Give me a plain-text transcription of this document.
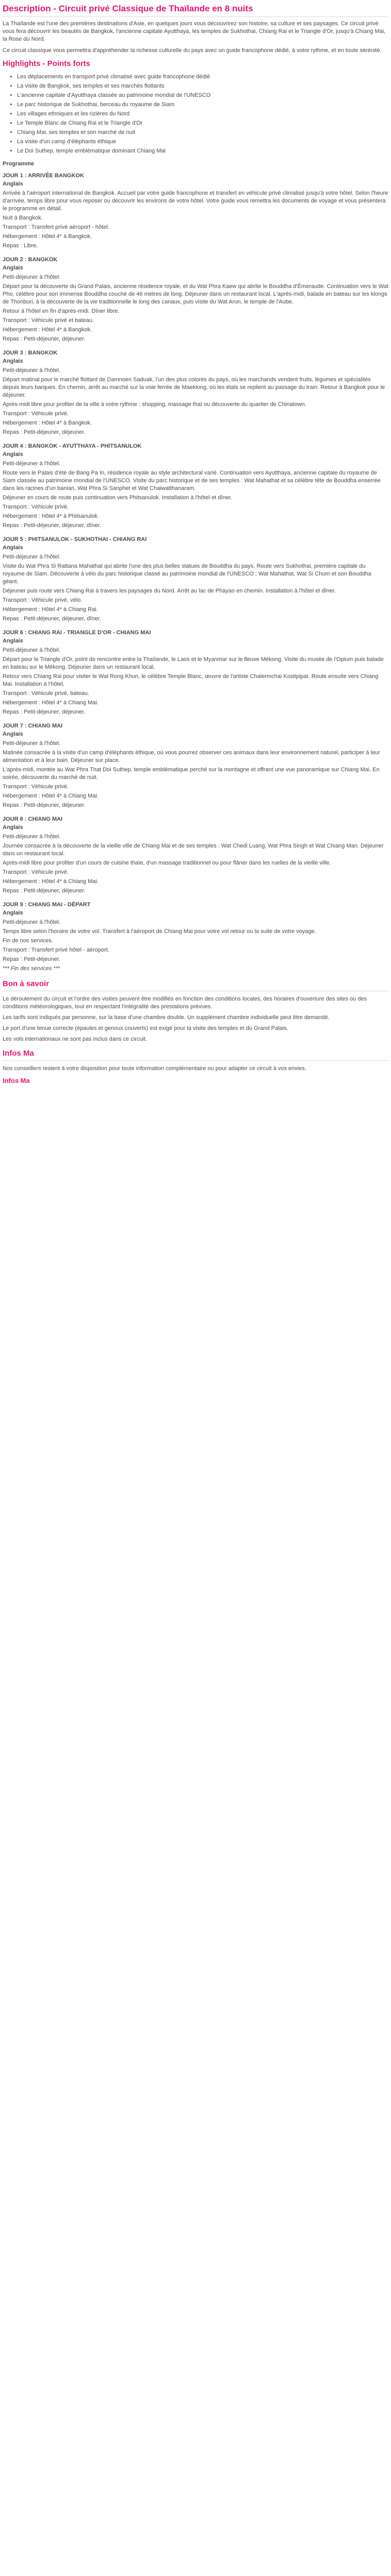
Description - Circuit privé Classique de Thaïlande en 8 nuits

La Thaïlande est l'une des premières destinations d'Asie, en quelques jours vous découvrirez son histoire, sa culture et ses paysages. Ce circuit privé vous fera découvrir les beautés de Bangkok, l'ancienne capitale Ayutthaya, les temples de Sukhothai, Chiang Rai et le Triangle d'Or, jusqu'à Chiang Mai, la Rose du Nord.

Ce circuit classique vous permettra d'appréhender la richesse culturelle du pays avec un guide francophone dédié, à votre rythme, et en toute sérénité.

Highlights - Points forts
• Les déplacements en transport privé climatisé avec guide francophone dédié
• La visite de Bangkok, ses temples et ses marchés flottants
• L'ancienne capitale d'Ayutthaya classée au patrimoine mondial de l'UNESCO
• Le parc historique de Sukhothai, berceau du royaume de Siam
• Les villages ethniques et les rizières du Nord
• Le Temple Blanc de Chiang Rai et le Triangle d'Or
• Chiang Mai, ses temples et son marché de nuit
• La visite d'un camp d'éléphants éthique
• Le Doi Suthep, temple emblématique dominant Chiang Mai
Programme
JOUR 1 : ARRIVÉE BANGKOK
Anglais
Arrivée à l'aéroport international de Bangkok. Accueil par votre guide francophone et transfert en véhicule privé climatisé jusqu'à votre hôtel. Selon l'heure d'arrivée, temps libre pour vous reposer ou découvrir les environs de votre hôtel. Votre guide vous remettra les documents de voyage et vous présentera le programme en détail.
Nuit à Bangkok.
Transport : Transfert privé aéroport - hôtel.
Hébergement : Hôtel 4* à Bangkok.
Repas : Libre.
JOUR 2 : BANGKOK
Anglais
Petit-déjeuner à l'hôtel.
Départ pour la découverte du Grand Palais, ancienne résidence royale, et du Wat Phra Kaew qui abrite le Bouddha d'Émeraude. Continuation vers le Wat Pho, célèbre pour son immense Bouddha couché de 46 mètres de long. Déjeuner dans un restaurant local. L'après-midi, balade en bateau sur les klongs de Thonburi, à la découverte de la vie traditionnelle le long des canaux, puis visite du Wat Arun, le temple de l'Aube.
Retour à l'hôtel en fin d'après-midi. Dîner libre.
Transport : Véhicule privé et bateau.
Hébergement : Hôtel 4* à Bangkok.
Repas : Petit-déjeuner, déjeuner.
JOUR 3 : BANGKOK
Anglais
Petit-déjeuner à l'hôtel.
Départ matinal pour le marché flottant de Damnoen Saduak, l'un des plus colorés du pays, où les marchands vendent fruits, légumes et spécialités depuis leurs barques. En chemin, arrêt au marché sur la voie ferrée de Maeklong, où les étals se replient au passage du train. Retour à Bangkok pour le déjeuner.
Après-midi libre pour profiter de la ville à votre rythme : shopping, massage thaï ou découverte du quartier de Chinatown.
Transport : Véhicule privé.
Hébergement : Hôtel 4* à Bangkok.
Repas : Petit-déjeuner, déjeuner.
JOUR 4 : BANGKOK - AYUTTHAYA - PHITSANULOK
Anglais
Petit-déjeuner à l'hôtel.
Route vers le Palais d'été de Bang Pa In, résidence royale au style architectural varié. Continuation vers Ayutthaya, ancienne capitale du royaume de Siam classée au patrimoine mondial de l'UNESCO. Visite du parc historique et de ses temples : Wat Mahathat et sa célèbre tête de Bouddha enserrée dans les racines d'un banian, Wat Phra Si Sanphet et Wat Chaiwatthanaram.
Déjeuner en cours de route puis continuation vers Phitsanulok. Installation à l'hôtel et dîner.
Transport : Véhicule privé.
Hébergement : Hôtel 4* à Phitsanulok.
Repas : Petit-déjeuner, déjeuner, dîner.
JOUR 5 : PHITSANULOK - SUKHOTHAI - CHIANG RAI
Anglais
Petit-déjeuner à l'hôtel.
Visite du Wat Phra Si Rattana Mahathat qui abrite l'une des plus belles statues de Bouddha du pays. Route vers Sukhothai, première capitale du royaume de Siam. Découverte à vélo du parc historique classé au patrimoine mondial de l'UNESCO : Wat Mahathat, Wat Si Chum et son Bouddha géant.
Déjeuner puis route vers Chiang Rai à travers les paysages du Nord. Arrêt au lac de Phayao en chemin. Installation à l'hôtel et dîner.
Transport : Véhicule privé, vélo.
Hébergement : Hôtel 4* à Chiang Rai.
Repas : Petit-déjeuner, déjeuner, dîner.
JOUR 6 : CHIANG RAI - TRIANGLE D'OR - CHIANG MAI
Anglais
Petit-déjeuner à l'hôtel.
Départ pour le Triangle d'Or, point de rencontre entre la Thaïlande, le Laos et le Myanmar sur le fleuve Mékong. Visite du musée de l'Opium puis balade en bateau sur le Mékong. Déjeuner dans un restaurant local.
Retour vers Chiang Rai pour visiter le Wat Rong Khun, le célèbre Temple Blanc, œuvre de l'artiste Chalermchai Kositpipat. Route ensuite vers Chiang Mai. Installation à l'hôtel.
Transport : Véhicule privé, bateau.
Hébergement : Hôtel 4* à Chiang Mai.
Repas : Petit-déjeuner, déjeuner.
JOUR 7 : CHIANG MAI
Anglais
Petit-déjeuner à l'hôtel.
Matinée consacrée à la visite d'un camp d'éléphants éthique, où vous pourrez observer ces animaux dans leur environnement naturel, participer à leur alimentation et à leur bain. Déjeuner sur place.
L'après-midi, montée au Wat Phra That Doi Suthep, temple emblématique perché sur la montagne et offrant une vue panoramique sur Chiang Mai. En soirée, découverte du marché de nuit.
Transport : Véhicule privé.
Hébergement : Hôtel 4* à Chiang Mai.
Repas : Petit-déjeuner, déjeuner.
JOUR 8 : CHIANG MAI
Anglais
Petit-déjeuner à l'hôtel.
Journée consacrée à la découverte de la vieille ville de Chiang Mai et de ses temples : Wat Chedi Luang, Wat Phra Singh et Wat Chiang Man. Déjeuner dans un restaurant local.
Après-midi libre pour profiter d'un cours de cuisine thaïe, d'un massage traditionnel ou pour flâner dans les ruelles de la vieille ville.
Transport : Véhicule privé.
Hébergement : Hôtel 4* à Chiang Mai.
Repas : Petit-déjeuner, déjeuner.
JOUR 9 : CHIANG MAI - DÉPART
Anglais
Petit-déjeuner à l'hôtel.
Temps libre selon l'horaire de votre vol. Transfert à l'aéroport de Chiang Mai pour votre vol retour ou la suite de votre voyage.
Fin de nos services.
Transport : Transfert privé hôtel - aéroport.
Repas : Petit-déjeuner.
*** Fin des services ***
Bon à savoir

Le déroulement du circuit et l'ordre des visites peuvent être modifiés en fonction des conditions locales, des horaires d'ouverture des sites ou des conditions météorologiques, tout en respectant l'intégralité des prestations prévues.

Les tarifs sont indiqués par personne, sur la base d'une chambre double. Un supplément chambre individuelle peut être demandé.

Le port d'une tenue correcte (épaules et genoux couverts) est exigé pour la visite des temples et du Grand Palais.

Les vols internationaux ne sont pas inclus dans ce circuit.

Infos Ma

Nos conseillers restent à votre disposition pour toute information complémentaire ou pour adapter ce circuit à vos envies.

Infos Ma
